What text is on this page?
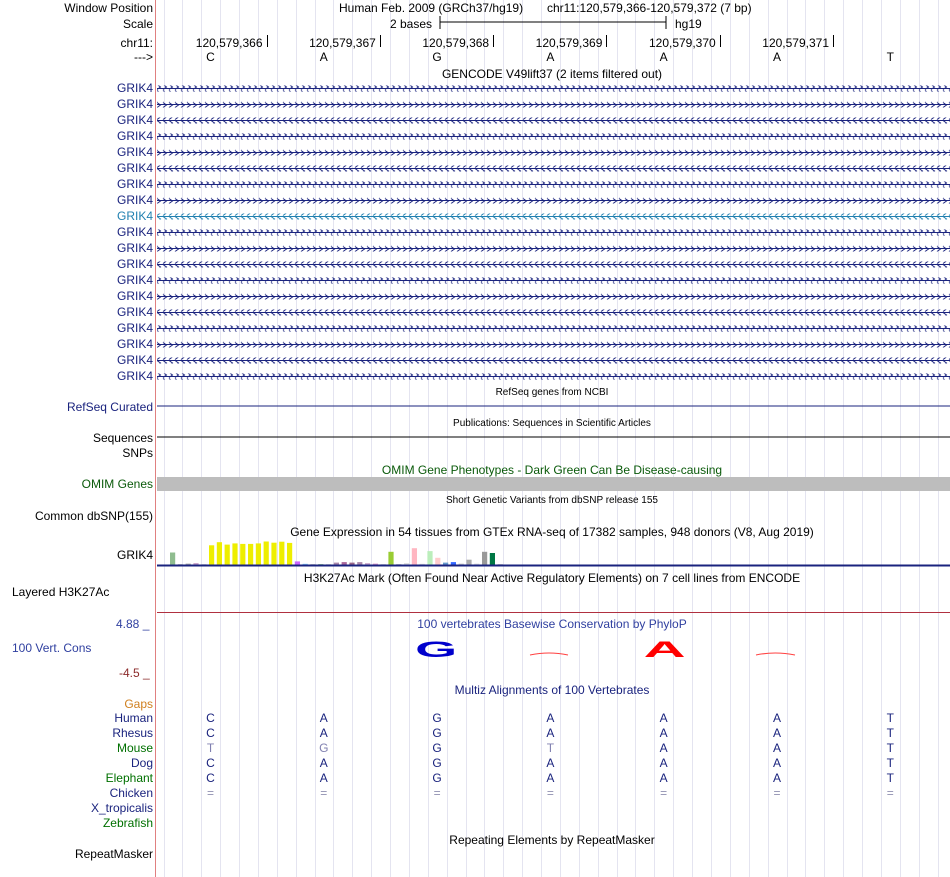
Window Position	Human Feb. 2009 (GRCh37/hg19) chr11:120,579,366-120,579,372 (7 bp)
Scale	2 bases	hg19
chr11:	120,579,366	120,579,367	120,579,368	120,579,369	120,579,370	120,579,371
--->	C	A	G	A	A	A	T
GENCODE V49lift37 (2 items filtered out)
GRIK4
GRIK4
GRIK4
GRIK4
GRIK4
GRIK4
GRIK4
GRIK4
GRIK4
GRIK4
GRIK4
GRIK4
GRIK4
GRIK4
GRIK4
GRIK4
GRIK4
GRIK4
GRIK4
RefSeq genes from NCBI
RefSeq Curated
Publications: Sequences in Scientific Articles
Sequences
SNPs
OMIM Gene Phenotypes - Dark Green Can Be Disease-causing
OMIM Genes
Short Genetic Variants from dbSNP release 155
Common dbSNP(155)
Gene Expression in 54 tissues from GTEx RNA-seq of 17382 samples, 948 donors (V8, Aug 2019)
GRIK4
H3K27Ac Mark (Often Found Near Active Regulatory Elements) on 7 cell lines from ENCODE
Layered H3K27Ac
100 vertebrates Basewise Conservation by PhyloP
4.88 _
100 Vert. Cons
-4.5 _
Multiz Alignments of 100 Vertebrates
Gaps
Human	C	A	G	A	A	A	T
Rhesus	C	A	G	A	A	A	T
Mouse	T	G	G	T	A	A	T
Dog	C	A	G	A	A	A	T
Elephant	C	A	G	A	A	A	T
Chicken	=	=	=	=	=	=	=
X_tropicalis
Zebrafish
Repeating Elements by RepeatMasker
RepeatMasker
G	A
